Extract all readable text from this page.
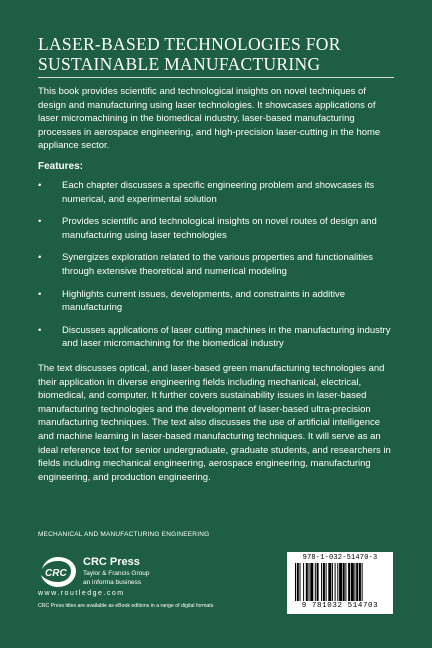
LASER-BASED TECHNOLOGIES FOR
SUSTAINABLE MANUFACTURING

This book provides scientific and technological insights on novel techniques of design and manufacturing using laser technologies. It showcases applications of laser micromachining in the biomedical industry, laser-based manufacturing processes in aerospace engineering, and high-precision laser-cutting in the home appliance sector.

Features:

• Each chapter discusses a specific engineering problem and showcases its numerical, and experimental solution
• Provides scientific and technological insights on novel routes of design and manufacturing using laser technologies
• Synergizes exploration related to the various properties and functionalities through extensive theoretical and numerical modeling
• Highlights current issues, developments, and constraints in additive manufacturing
• Discusses applications of laser cutting machines in the manufacturing industry and laser micromachining for the biomedical industry

The text discusses optical, and laser-based green manufacturing technologies and their application in diverse engineering fields including mechanical, electrical, biomedical, and computer. It further covers sustainability issues in laser-based manufacturing technologies and the development of laser-based ultra-precision manufacturing techniques. The text also discusses the use of artificial intelligence and machine learning in laser-based manufacturing techniques. It will serve as an ideal reference text for senior undergraduate, graduate students, and researchers in fields including mechanical engineering, aerospace engineering, manufacturing engineering, and production engineering.

MECHANICAL AND MANUFACTURING ENGINEERING
CRC
CRC Press
Taylor & Francis Group
an informa business
www.routledge.com
CRC Press titles are available as eBook editions in a range of digital formats
978-1-032-51470-3
9 781032 514703
